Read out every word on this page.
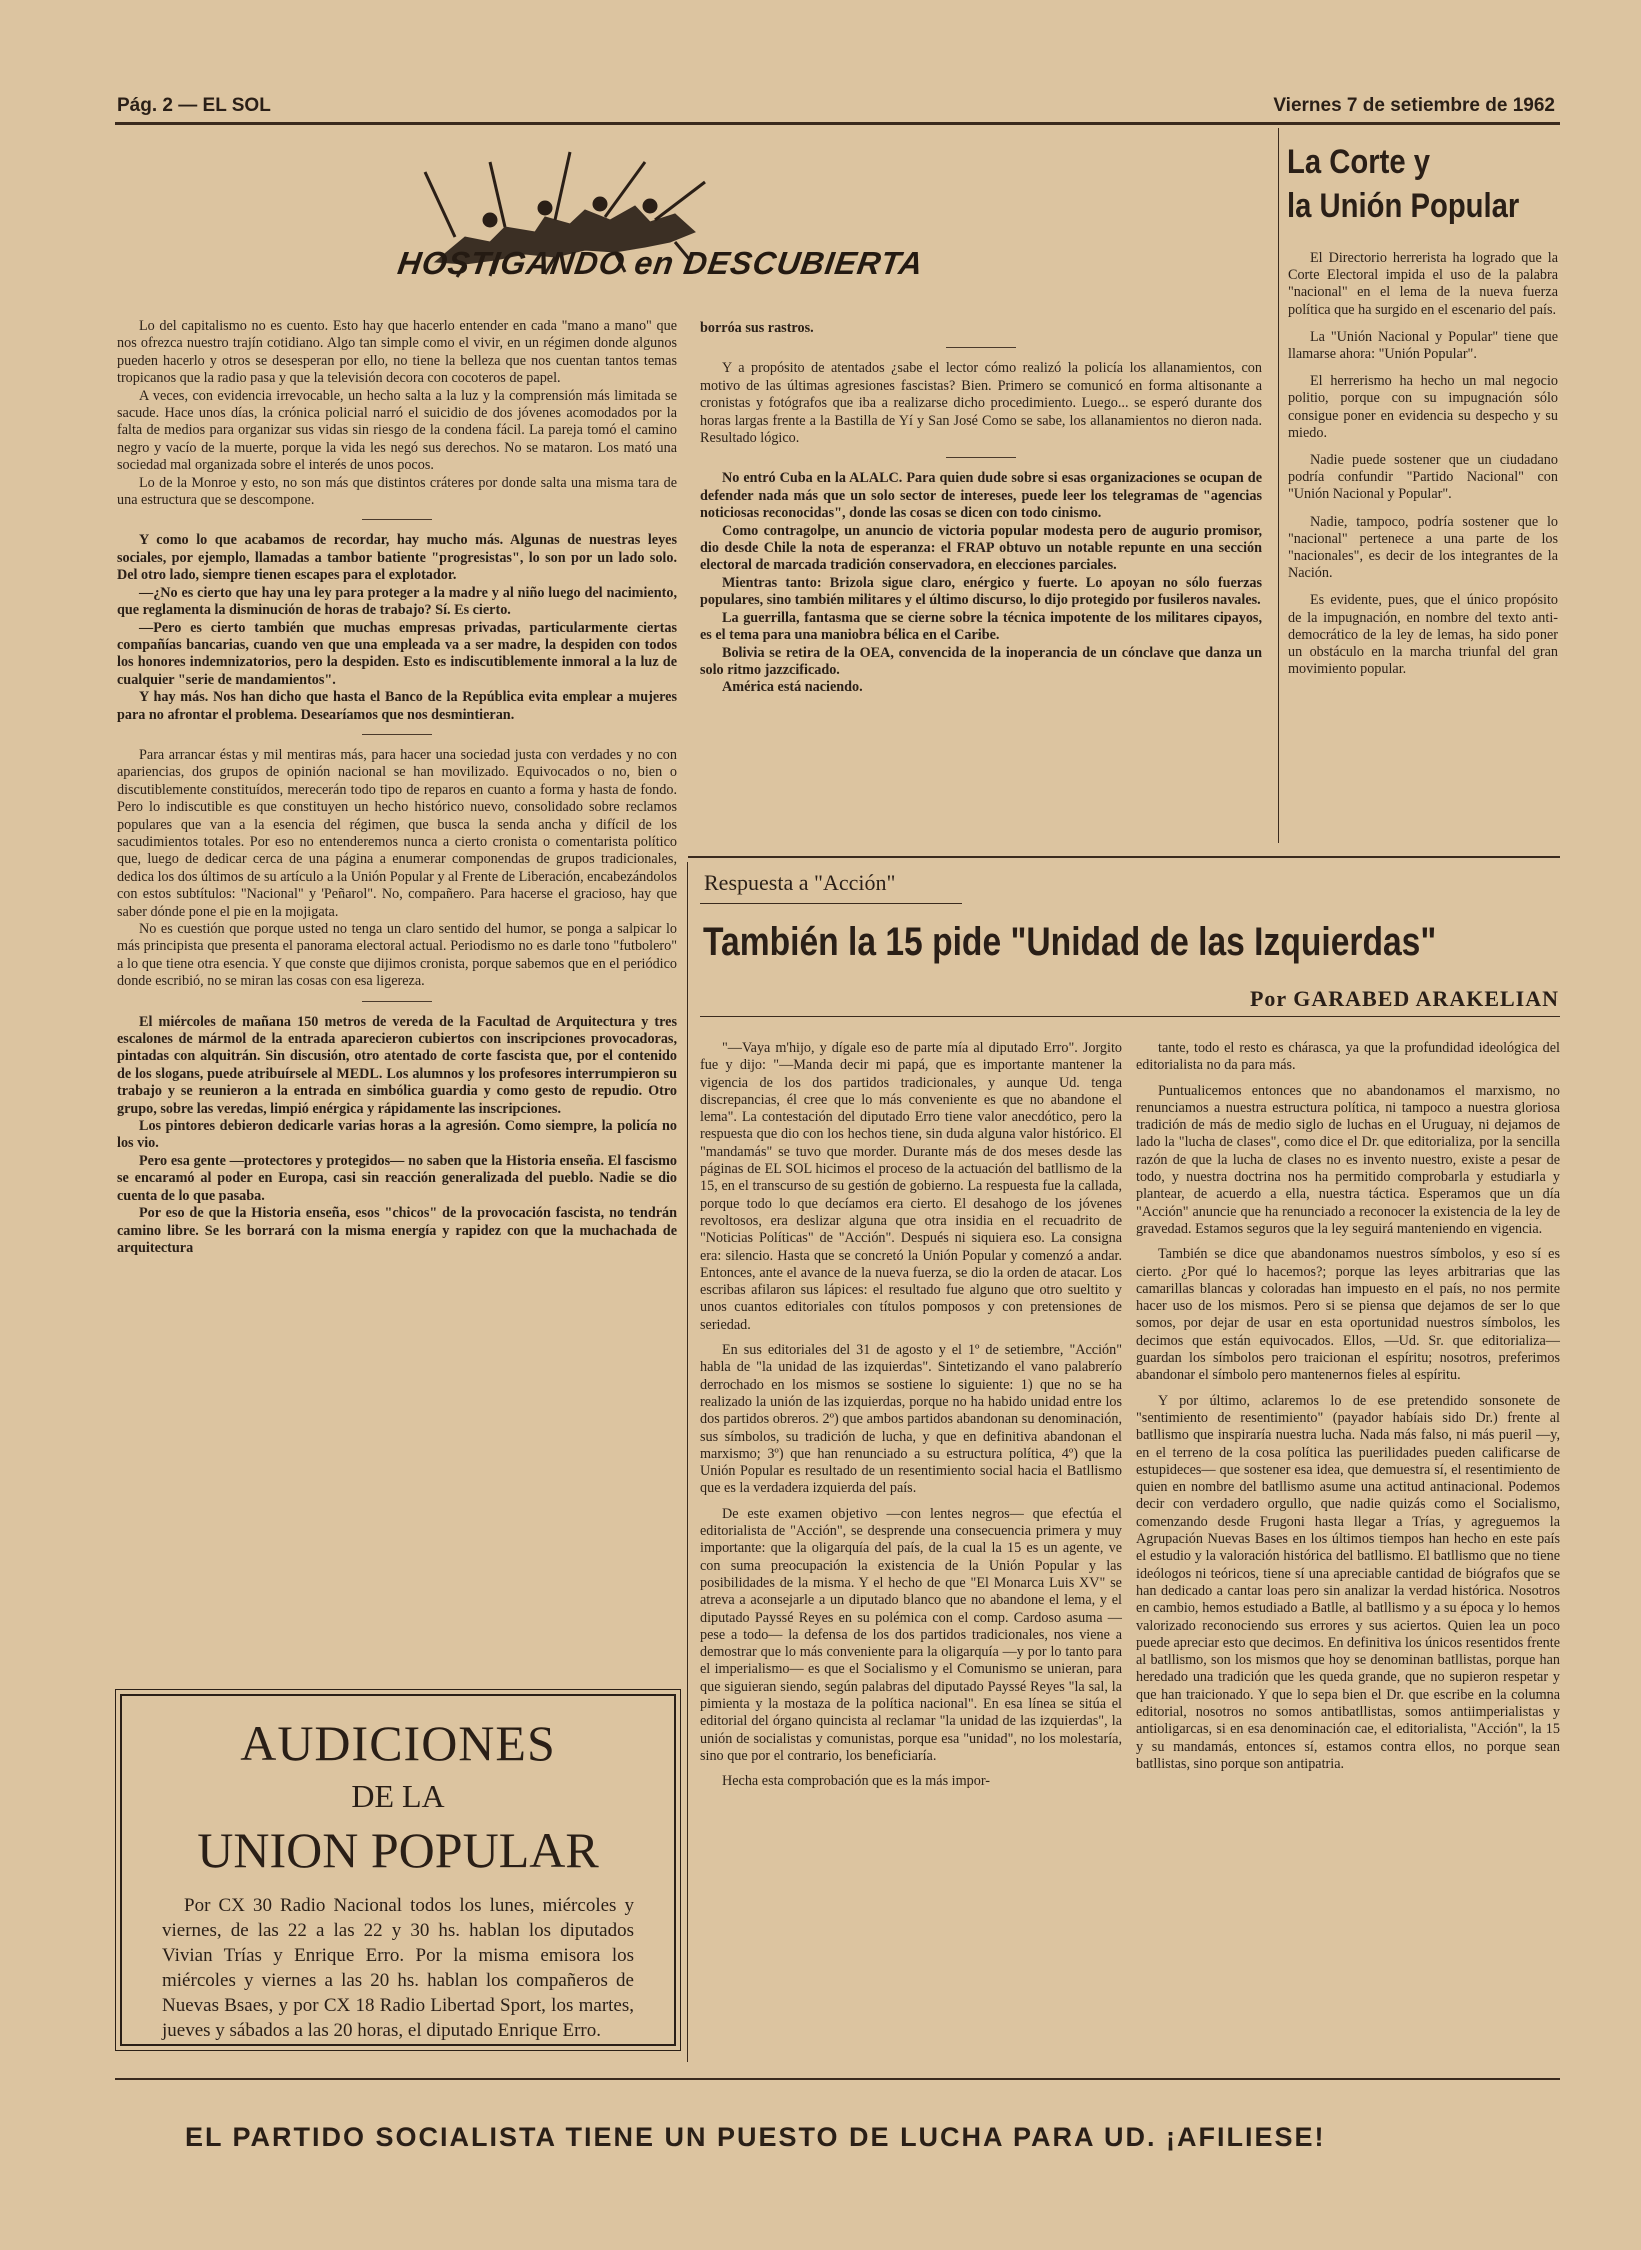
Pág. 2 — EL SOL	Viernes 7 de setiembre de 1962
HOSTIGANDO en DESCUBIERTA

Lo del capitalismo no es cuento. Esto hay que hacerlo entender en cada "mano a mano" que nos ofrezca nuestro trajín cotidiano. Algo tan simple como el vivir, en un régimen donde algunos pueden hacerlo y otros se desesperan por ello, no tiene la belleza que nos cuentan tantos temas tropicanos que la radio pasa y que la televisión decora con cocoteros de papel.

A veces, con evidencia irrevocable, un hecho salta a la luz y la comprensión más limitada se sacude. Hace unos días, la crónica policial narró el suicidio de dos jóvenes acomodados por la falta de medios para organizar sus vidas sin riesgo de la condena fácil. La pareja tomó el camino negro y vacío de la muerte, porque la vida les negó sus derechos. No se mataron. Los mató una sociedad mal organizada sobre el interés de unos pocos.

Lo de la Monroe y esto, no son más que distintos cráteres por donde salta una misma tara de una estructura que se descompone.

Y como lo que acabamos de recordar, hay mucho más. Algunas de nuestras leyes sociales, por ejemplo, llamadas a tambor batiente "progresistas", lo son por un lado solo. Del otro lado, siempre tienen escapes para el explotador.

—¿No es cierto que hay una ley para proteger a la madre y al niño luego del nacimiento, que reglamenta la disminución de horas de trabajo? Sí. Es cierto.

—Pero es cierto también que muchas empresas privadas, particularmente ciertas compañías bancarias, cuando ven que una empleada va a ser madre, la despiden con todos los honores indemnizatorios, pero la despiden. Esto es indiscutiblemente inmoral a la luz de cualquier "serie de mandamientos".

Y hay más. Nos han dicho que hasta el Banco de la República evita emplear a mujeres para no afrontar el problema. Desearíamos que nos desmintieran.

Para arrancar éstas y mil mentiras más, para hacer una sociedad justa con verdades y no con apariencias, dos grupos de opinión nacional se han movilizado. Equivocados o no, bien o discutiblemente constituídos, merecerán todo tipo de reparos en cuanto a forma y hasta de fondo. Pero lo indiscutible es que constituyen un hecho histórico nuevo, consolidado sobre reclamos populares que van a la esencia del régimen, que busca la senda ancha y difícil de los sacudimientos totales. Por eso no entenderemos nunca a cierto cronista o comentarista político que, luego de dedicar cerca de una página a enumerar componendas de grupos tradicionales, dedica los dos últimos de su artículo a la Unión Popular y al Frente de Liberación, encabezándolos con estos subtítulos: "Nacional" y 'Peñarol". No, compañero. Para hacerse el gracioso, hay que saber dónde pone el pie en la mojigata.

No es cuestión que porque usted no tenga un claro sentido del humor, se ponga a salpicar lo más principista que presenta el panorama electoral actual. Periodismo no es darle tono "futbolero" a lo que tiene otra esencia. Y que conste que dijimos cronista, porque sabemos que en el periódico donde escribió, no se miran las cosas con esa ligereza.

El miércoles de mañana 150 metros de vereda de la Facultad de Arquitectura y tres escalones de mármol de la entrada aparecieron cubiertos con inscripciones provocadoras, pintadas con alquitrán. Sin discusión, otro atentado de corte fascista que, por el contenido de los slogans, puede atribuírsele al MEDL. Los alumnos y los profesores interrumpieron su trabajo y se reunieron a la entrada en simbólica guardia y como gesto de repudio. Otro grupo, sobre las veredas, limpió enérgica y rápidamente las inscripciones.

Los pintores debieron dedicarle varias horas a la agresión. Como siempre, la policía no los vio.

Pero esa gente —protectores y protegidos— no saben que la Historia enseña. El fascismo se encaramó al poder en Europa, casi sin reacción generalizada del pueblo. Nadie se dio cuenta de lo que pasaba.

Por eso de que la Historia enseña, esos "chicos" de la provocación fascista, no tendrán camino libre. Se les borrará con la misma energía y rapidez con que la muchachada de arquitectura

borróa sus rastros.

Y a propósito de atentados ¿sabe el lector cómo realizó la policía los allanamientos, con motivo de las últimas agresiones fascistas? Bien. Primero se comunicó en forma altisonante a cronistas y fotógrafos que iba a realizarse dicho procedimiento. Luego... se esperó durante dos horas largas frente a la Bastilla de Yí y San José Como se sabe, los allanamientos no dieron nada. Resultado lógico.

No entró Cuba en la ALALC. Para quien dude sobre si esas organizaciones se ocupan de defender nada más que un solo sector de intereses, puede leer los telegramas de "agencias noticiosas reconocidas", donde las cosas se dicen con todo cinismo.

Como contragolpe, un anuncio de victoria popular modesta pero de augurio promisor, dio desde Chile la nota de esperanza: el FRAP obtuvo un notable repunte en una sección electoral de marcada tradición conservadora, en elecciones parciales.

Mientras tanto: Brizola sigue claro, enérgico y fuerte. Lo apoyan no sólo fuerzas populares, sino también militares y el último discurso, lo dijo protegido por fusileros navales.

La guerrilla, fantasma que se cierne sobre la técnica impotente de los militares cipayos, es el tema para una maniobra bélica en el Caribe.

Bolivia se retira de la OEA, convencida de la inoperancia de un cónclave que danza un solo ritmo jazzcificado.

América está naciendo.

La Corte y
la Unión Popular

El Directorio herrerista ha logrado que la Corte Electoral impida el uso de la palabra "nacional" en el lema de la nueva fuerza política que ha surgido en el escenario del país.

La "Unión Nacional y Popular" tiene que llamarse ahora: "Unión Popular".

El herrerismo ha hecho un mal negocio politio, porque con su impugnación sólo consigue poner en evidencia su despecho y su miedo.

Nadie puede sostener que un ciudadano podría confundir "Partido Nacional" con "Unión Nacional y Popular".

Nadie, tampoco, podría sostener que lo "nacional" pertenece a una parte de los "nacionales", es decir de los integrantes de la Nación.

Es evidente, pues, que el único propósito de la impugnación, en nombre del texto anti-democrático de la ley de lemas, ha sido poner un obstáculo en la marcha triunfal del gran movimiento popular.

Respuesta a "Acción"
También la 15 pide "Unidad de las Izquierdas"
Por GARABED ARAKELIAN

"—Vaya m'hijo, y dígale eso de parte mía al diputado Erro". Jorgito fue y dijo: "—Manda decir mi papá, que es importante mantener la vigencia de los dos partidos tradicionales, y aunque Ud. tenga discrepancias, él cree que lo más conveniente es que no abandone el lema". La contestación del diputado Erro tiene valor anecdótico, pero la respuesta que dio con los hechos tiene, sin duda alguna valor histórico. El "mandamás" se tuvo que morder. Durante más de dos meses desde las páginas de EL SOL hicimos el proceso de la actuación del batllismo de la 15, en el transcurso de su gestión de gobierno. La respuesta fue la callada, porque todo lo que decíamos era cierto. El desahogo de los jóvenes revoltosos, era deslizar alguna que otra insidia en el recuadrito de "Noticias Políticas" de "Acción". Después ni siquiera eso. La consigna era: silencio. Hasta que se concretó la Unión Popular y comenzó a andar. Entonces, ante el avance de la nueva fuerza, se dio la orden de atacar. Los escribas afilaron sus lápices: el resultado fue alguno que otro sueltito y unos cuantos editoriales con títulos pomposos y con pretensiones de seriedad.

En sus editoriales del 31 de agosto y el 1º de setiembre, "Acción" habla de "la unidad de las izquierdas". Sintetizando el vano palabrerío derrochado en los mismos se sostiene lo siguiente: 1) que no se ha realizado la unión de las izquierdas, porque no ha habido unidad entre los dos partidos obreros. 2º) que ambos partidos abandonan su denominación, sus símbolos, su tradición de lucha, y que en definitiva abandonan el marxismo; 3º) que han renunciado a su estructura política, 4º) que la Unión Popular es resultado de un resentimiento social hacia el Batllismo que es la verdadera izquierda del país.

De este examen objetivo —con lentes negros— que efectúa el editorialista de "Acción", se desprende una consecuencia primera y muy importante: que la oligarquía del país, de la cual la 15 es un agente, ve con suma preocupación la existencia de la Unión Popular y las posibilidades de la misma. Y el hecho de que "El Monarca Luis XV" se atreva a aconsejarle a un diputado blanco que no abandone el lema, y el diputado Payssé Reyes en su polémica con el comp. Cardoso asuma —pese a todo— la defensa de los dos partidos tradicionales, nos viene a demostrar que lo más conveniente para la oligarquía —y por lo tanto para el imperialismo— es que el Socialismo y el Comunismo se unieran, para que siguieran siendo, según palabras del diputado Payssé Reyes "la sal, la pimienta y la mostaza de la política nacional". En esa línea se sitúa el editorial del órgano quincista al reclamar "la unidad de las izquierdas", la unión de socialistas y comunistas, porque esa "unidad", no los molestaría, sino que por el contrario, los beneficiaría.

Hecha esta comprobación que es la más impor-

tante, todo el resto es chárasca, ya que la profundidad ideológica del editorialista no da para más.

Puntualicemos entonces que no abandonamos el marxismo, no renunciamos a nuestra estructura política, ni tampoco a nuestra gloriosa tradición de más de medio siglo de luchas en el Uruguay, ni dejamos de lado la "lucha de clases", como dice el Dr. que editorializa, por la sencilla razón de que la lucha de clases no es invento nuestro, existe a pesar de todo, y nuestra doctrina nos ha permitido comprobarla y estudiarla y plantear, de acuerdo a ella, nuestra táctica. Esperamos que un día "Acción" anuncie que ha renunciado a reconocer la existencia de la ley de gravedad. Estamos seguros que la ley seguirá manteniendo en vigencia.

También se dice que abandonamos nuestros símbolos, y eso sí es cierto. ¿Por qué lo hacemos?; porque las leyes arbitrarias que las camarillas blancas y coloradas han impuesto en el país, no nos permite hacer uso de los mismos. Pero si se piensa que dejamos de ser lo que somos, por dejar de usar en esta oportunidad nuestros símbolos, les decimos que están equivocados. Ellos, —Ud. Sr. que editorializa— guardan los símbolos pero traicionan el espíritu; nosotros, preferimos abandonar el símbolo pero mantenernos fieles al espíritu.

Y por último, aclaremos lo de ese pretendido sonsonete de "sentimiento de resentimiento" (payador habíais sido Dr.) frente al batllismo que inspiraría nuestra lucha. Nada más falso, ni más pueril —y, en el terreno de la cosa política las puerilidades pueden calificarse de estupideces— que sostener esa idea, que demuestra sí, el resentimiento de quien en nombre del batllismo asume una actitud antinacional. Podemos decir con verdadero orgullo, que nadie quizás como el Socialismo, comenzando desde Frugoni hasta llegar a Trías, y agreguemos la Agrupación Nuevas Bases en los últimos tiempos han hecho en este país el estudio y la valoración histórica del batllismo. El batllismo que no tiene ideólogos ni teóricos, tiene sí una apreciable cantidad de biógrafos que se han dedicado a cantar loas pero sin analizar la verdad histórica. Nosotros en cambio, hemos estudiado a Batlle, al batllismo y a su época y lo hemos valorizado reconociendo sus errores y sus aciertos. Quien lea un poco puede apreciar esto que decimos. En definitiva los únicos resentidos frente al batllismo, son los mismos que hoy se denominan batllistas, porque han heredado una tradición que les queda grande, que no supieron respetar y que han traicionado. Y que lo sepa bien el Dr. que escribe en la columna editorial, nosotros no somos antibatllistas, somos antiimperialistas y antioligarcas, si en esa denominación cae, el editorialista, "Acción", la 15 y su mandamás, entonces sí, estamos contra ellos, no porque sean batllistas, sino porque son antipatria.

AUDICIONES
DE LA
UNION POPULAR

Por CX 30 Radio Nacional todos los lunes, miércoles y viernes, de las 22 a las 22 y 30 hs. hablan los diputados Vivian Trías y Enrique Erro. Por la misma emisora los miércoles y viernes a las 20 hs. hablan los compañeros de Nuevas Bsaes, y por CX 18 Radio Libertad Sport, los martes, jueves y sábados a las 20 horas, el diputado Enrique Erro.

EL PARTIDO SOCIALISTA TIENE UN PUESTO DE LUCHA PARA UD. ¡AFILIESE!
